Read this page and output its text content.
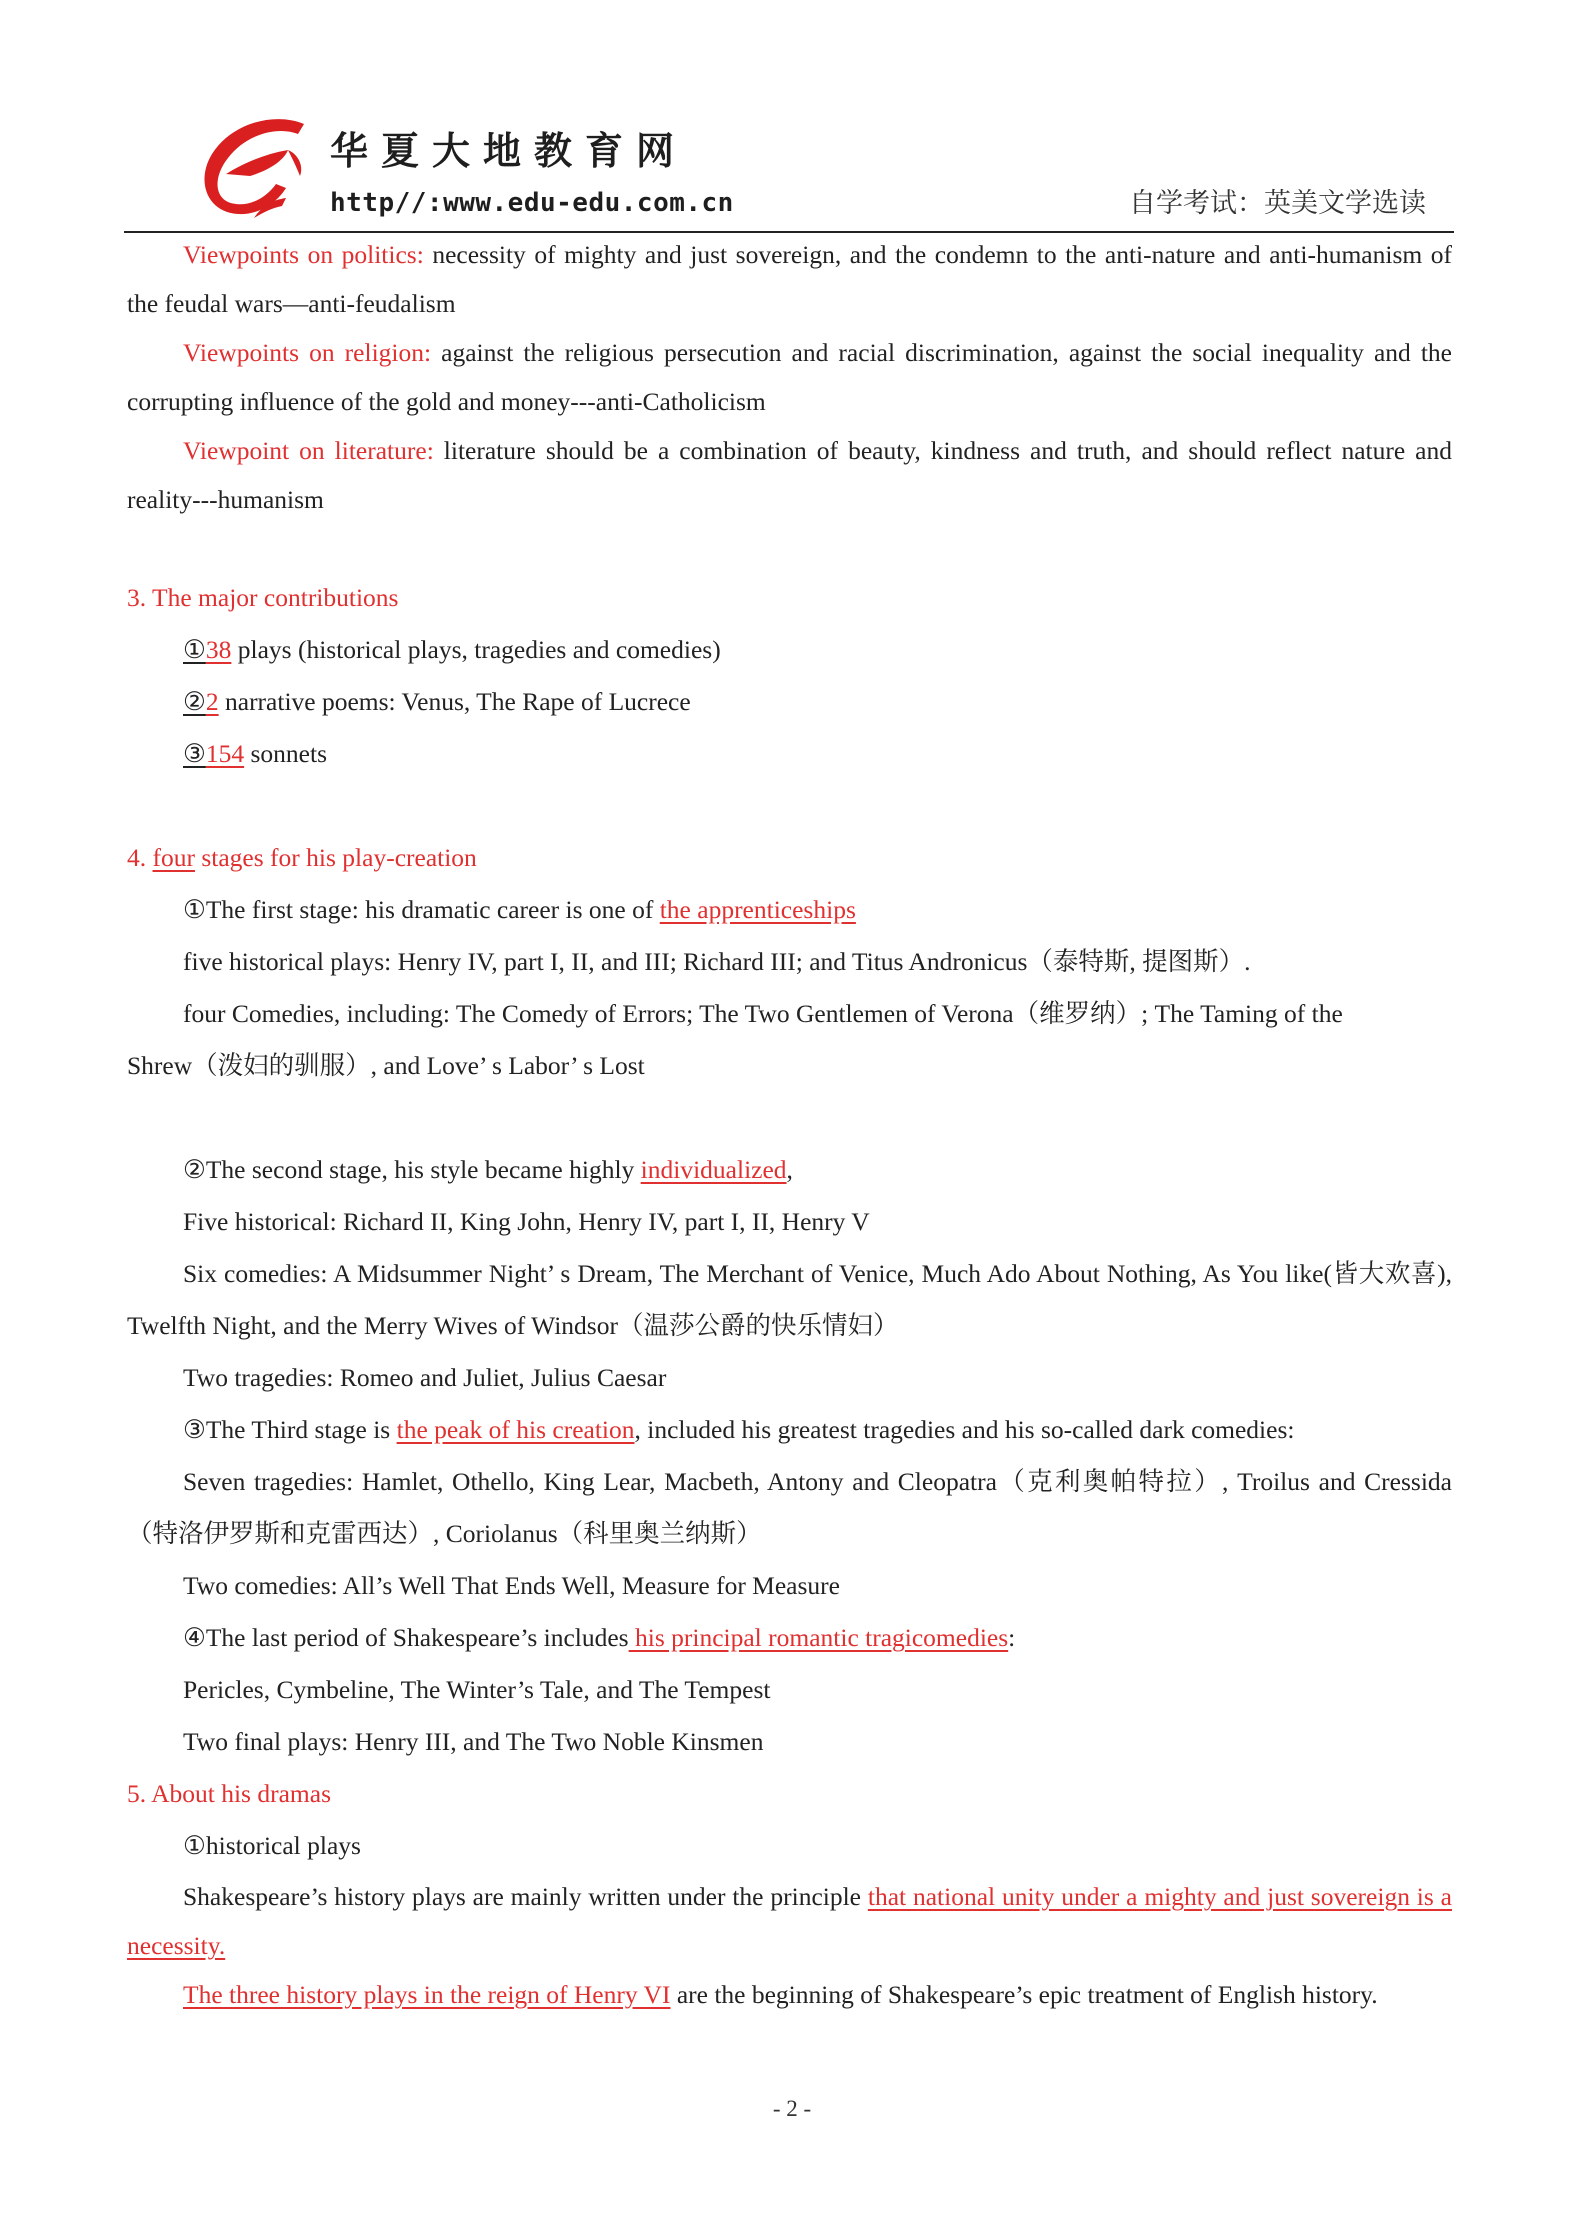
华夏大地教育网
http//:www.edu-edu.com.cn	自学考试：英美文学选读

Viewpoints on politics: necessity of mighty and just sovereign, and the condemn to the anti-nature and anti-humanism of the feudal wars—anti-feudalism

Viewpoints on religion: against the religious persecution and racial discrimination, against the social inequality and the corrupting influence of the gold and money---anti-Catholicism

Viewpoint on literature: literature should be a combination of beauty, kindness and truth, and should reflect nature and reality---humanism

3. The major contributions

①38 plays (historical plays, tragedies and comedies)

②2 narrative poems: Venus, The Rape of Lucrece

③154 sonnets

4. four stages for his play-creation

①The first stage: his dramatic career is one of the apprenticeships

five historical plays: Henry IV, part I, II, and III; Richard III; and Titus Andronicus（泰特斯, 提图斯）.

four Comedies, including: The Comedy of Errors; The Two Gentlemen of Verona（维罗纳）; The Taming of the

Shrew（泼妇的驯服）, and Love’ s Labor’ s Lost

②The second stage, his style became highly individualized,

Five historical: Richard II, King John, Henry IV, part I, II, Henry V

Six comedies: A Midsummer Night’ s Dream, The Merchant of Venice, Much Ado About Nothing, As You like(皆大欢喜), Twelfth Night, and the Merry Wives of Windsor（温莎公爵的快乐情妇）

Two tragedies: Romeo and Juliet, Julius Caesar

③The Third stage is the peak of his creation, included his greatest tragedies and his so-called dark comedies:

Seven tragedies: Hamlet, Othello, King Lear, Macbeth, Antony and Cleopatra（克利奥帕特拉）, Troilus and Cressida（特洛伊罗斯和克雷西达）, Coriolanus（科里奥兰纳斯）

Two comedies: All’s Well That Ends Well, Measure for Measure

④The last period of Shakespeare’s includes his principal romantic tragicomedies:

Pericles, Cymbeline, The Winter’s Tale, and The Tempest

Two final plays: Henry III, and The Two Noble Kinsmen

5. About his dramas

①historical plays

Shakespeare’s history plays are mainly written under the principle that national unity under a mighty and just sovereign is a necessity.

The three history plays in the reign of Henry VI are the beginning of Shakespeare’s epic treatment of English history.

- 2 -
